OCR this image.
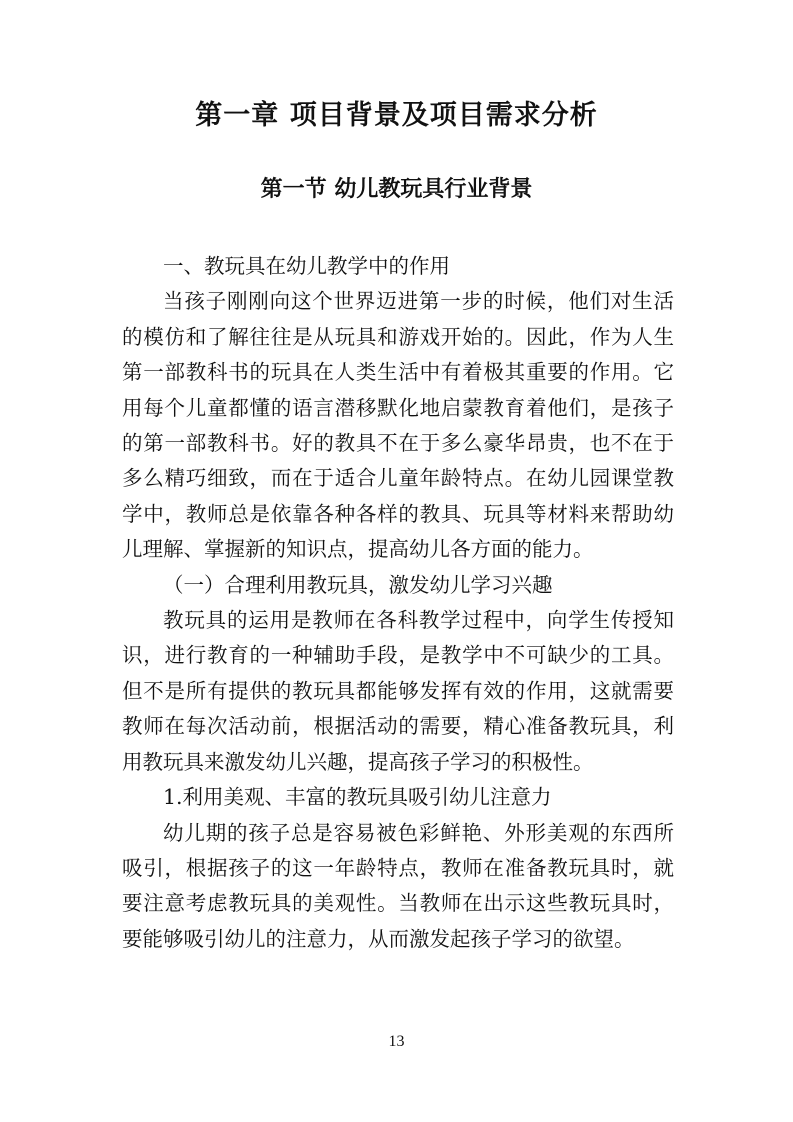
第一章 项目背景及项目需求分析
第一节 幼儿教玩具行业背景

一、教玩具在幼儿教学中的作用

当孩子刚刚向这个世界迈进第一步的时候，他们对生活的模仿和了解往往是从玩具和游戏开始的。因此，作为人生第一部教科书的玩具在人类生活中有着极其重要的作用。它用每个儿童都懂的语言潜移默化地启蒙教育着他们，是孩子的第一部教科书。好的教具不在于多么豪华昂贵，也不在于多么精巧细致，而在于适合儿童年龄特点。在幼儿园课堂教学中，教师总是依靠各种各样的教具、玩具等材料来帮助幼儿理解、掌握新的知识点，提高幼儿各方面的能力。

（一）合理利用教玩具，激发幼儿学习兴趣

教玩具的运用是教师在各科教学过程中，向学生传授知识，进行教育的一种辅助手段，是教学中不可缺少的工具。但不是所有提供的教玩具都能够发挥有效的作用，这就需要教师在每次活动前，根据活动的需要，精心准备教玩具，利用教玩具来激发幼儿兴趣，提高孩子学习的积极性。

1.利用美观、丰富的教玩具吸引幼儿注意力

幼儿期的孩子总是容易被色彩鲜艳、外形美观的东西所吸引，根据孩子的这一年龄特点，教师在准备教玩具时，就要注意考虑教玩具的美观性。当教师在出示这些教玩具时，要能够吸引幼儿的注意力，从而激发起孩子学习的欲望。

13
